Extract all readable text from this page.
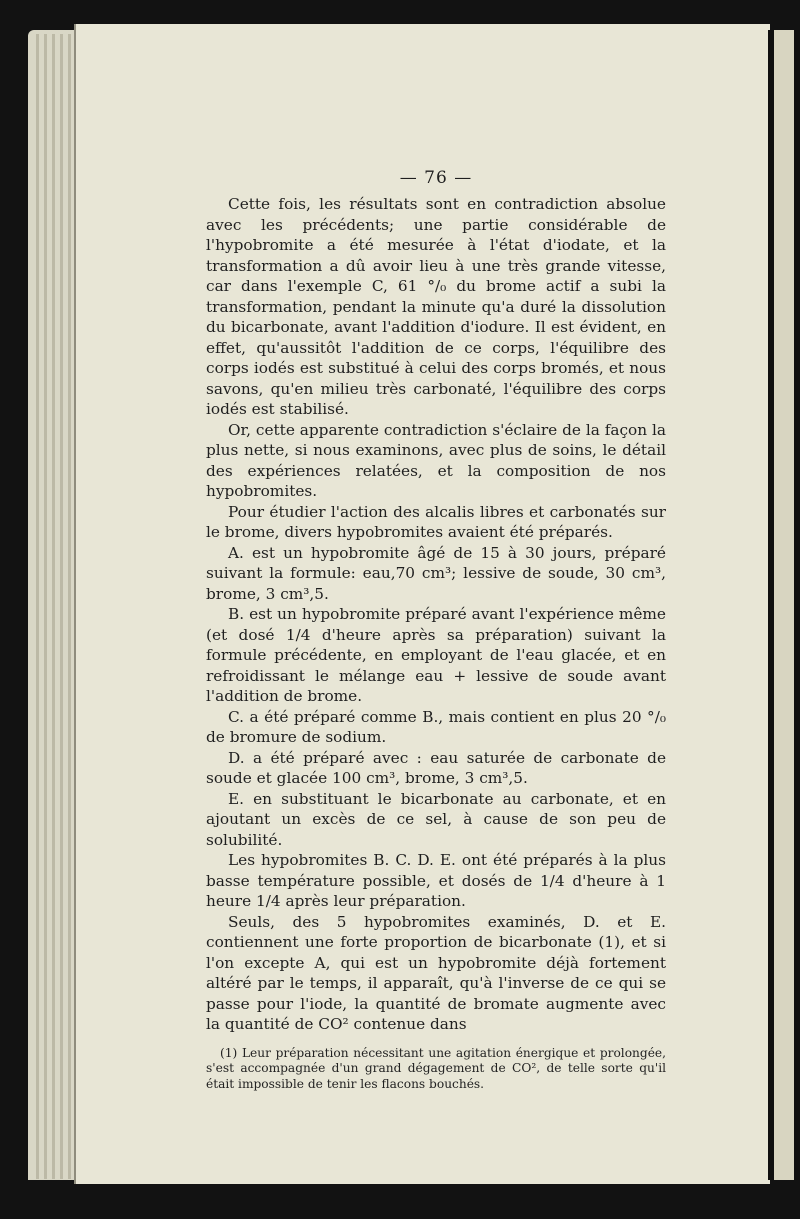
— 76 —

Cette fois, les résultats sont en contradiction absolue avec les précédents; une partie considérable de l'hypobromite a été mesurée à l'état d'iodate, et la transformation a dû avoir lieu à une très grande vitesse, car dans l'exemple C, 61 °/₀ du brome actif a subi la transformation, pendant la minute qu'a duré la dissolution du bicarbonate, avant l'addition d'iodure. Il est évident, en effet, qu'aussitôt l'addition de ce corps, l'équilibre des corps iodés est substitué à celui des corps bromés, et nous savons, qu'en milieu très carbonaté, l'équilibre des corps iodés est stabilisé.

Or, cette apparente contradiction s'éclaire de la façon la plus nette, si nous examinons, avec plus de soins, le détail des expériences relatées, et la composition de nos hypobromites.

Pour étudier l'action des alcalis libres et carbonatés sur le brome, divers hypobromites avaient été préparés.

A. est un hypobromite âgé de 15 à 30 jours, préparé suivant la formule: eau,70 cm³; lessive de soude, 30 cm³, brome, 3 cm³,5.

B. est un hypobromite préparé avant l'expérience même (et dosé 1/4 d'heure après sa préparation) suivant la formule précédente, en employant de l'eau glacée, et en refroidissant le mélange eau + lessive de soude avant l'addition de brome.

C. a été préparé comme B., mais contient en plus 20 °/₀ de bromure de sodium.

D. a été préparé avec : eau saturée de carbonate de soude et glacée 100 cm³, brome, 3 cm³,5.

E. en substituant le bicarbonate au carbonate, et en ajoutant un excès de ce sel, à cause de son peu de solubilité.

Les hypobromites B. C. D. E. ont été préparés à la plus basse température possible, et dosés de 1/4 d'heure à 1 heure 1/4 après leur préparation.

Seuls, des 5 hypobromites examinés, D. et E. contiennent une forte proportion de bicarbonate (1), et si l'on excepte A, qui est un hypobromite déjà fortement altéré par le temps, il apparaît, qu'à l'inverse de ce qui se passe pour l'iode, la quantité de bromate augmente avec la quantité de CO² contenue dans

(1) Leur préparation nécessitant une agitation énergique et prolongée, s'est accompagnée d'un grand dégagement de CO², de telle sorte qu'il était impossible de tenir les flacons bouchés.
